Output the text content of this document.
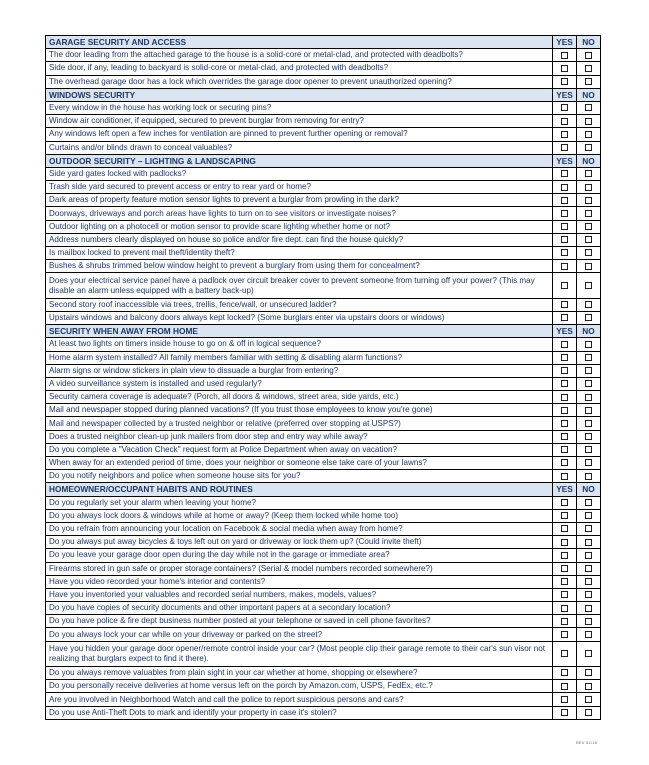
GARAGE SECURITY AND ACCESS	YES	NO
The door leading from the attached garage to the house is a solid-core or metal-clad, and protected with deadbolts?		
Side door, if any, leading to backyard is solid-core or metal-clad, and protected with deadbolts?		
The overhead garage door has a lock which overrides the garage door opener to prevent unauthorized opening?		
WINDOWS SECURITY	YES	NO
Every window in the house has working lock or securing pins?		
Window air conditioner, if equipped, secured to prevent burglar from removing for entry?		
Any windows left open a few inches for ventilation are pinned to prevent further opening or removal?		
Curtains and/or blinds drawn to conceal valuables?		
OUTDOOR SECURITY – LIGHTING & LANDSCAPING	YES	NO
Side yard gates locked with padlocks?		
Trash side yard secured to prevent access or entry to rear yard or home?		
Dark areas of property feature motion sensor lights to prevent a burglar from prowling in the dark?		
Doorways, driveways and porch areas have lights to turn on to see visitors or investigate noises?		
Outdoor lighting on a photocell or motion sensor to provide scare lighting whether home or not?		
Address numbers clearly displayed on house so police and/or fire dept. can find the house quickly?		
Is mailbox locked to prevent mail theft/identity theft?		
Bushes & shrubs trimmed below window height to prevent a burglary from using them for concealment?		
Does your electrical service panel have a padlock over circuit breaker cover to prevent someone from turning off your power? (This may disable an alarm unless equipped with a battery back-up)		
Second story roof inaccessible via trees, trellis, fence/wall, or unsecured ladder?		
Upstairs windows and balcony doors always kept locked? (Some burglars enter via upstairs doors or windows)		
SECURITY WHEN AWAY FROM HOME	YES	NO
At least two lights on timers inside house to go on & off in logical sequence?		
Home alarm system installed? All family members familiar with setting & disabling alarm functions?		
Alarm signs or window stickers in plain view to dissuade a burglar from entering?		
A video surveillance system is installed and used regularly?		
Security camera coverage is adequate? (Porch, all doors & windows, street area, side yards, etc.)		
Mail and newspaper stopped during planned vacations? (If you trust those employees to know you're gone)		
Mail and newspaper collected by a trusted neighbor or relative (preferred over stopping at USPS?)		
Does a trusted neighbor clean-up junk mailers from door step and entry way while away?		
Do you complete a "Vacation Check" request form at Police Department when away on vacation?		
When away for an extended period of time, does your neighbor or someone else take care of your lawns?		
Do you notify neighbors and police when someone house sits for you?		
HOMEOWNER/OCCUPANT HABITS AND ROUTINES	YES	NO
Do you regularly set your alarm when leaving your home?		
Do you always lock doors & windows while at home or away? (Keep them locked while home too)		
Do you refrain from announcing your location on Facebook & social media when away from home?		
Do you always put away bicycles & toys left out on yard or driveway or lock them up? (Could invite theft)		
Do you leave your garage door open during the day while not in the garage or immediate area?		
Firearms stored in gun safe or proper storage containers? (Serial & model numbers recorded somewhere?)		
Have you video recorded your home's interior and contents?		
Have you inventoried your valuables and recorded serial numbers, makes, models, values?		
Do you have copies of security documents and other important papers at a secondary location?		
Do you have police & fire dept business number posted at your telephone or saved in cell phone favorites?		
Do you always lock your car while on your driveway or parked on the street?		
Have you hidden your garage door opener/remote control inside your car? (Most people clip their garage remote to their car's sun visor not realizing that burglars expect to find it there).		
Do you always remove valuables from plain sight in your car whether at home, shopping or elsewhere?		
Do you personally receive deliveries at home versus left on the porch by Amazon.com, USPS, FedEx, etc.?		
Are you involved in Neighborhood Watch and call the police to report suspicious persons and cars?		
Do you use Anti-Theft Dots to mark and identify your property in case it's stolen?		
REV 01/18
